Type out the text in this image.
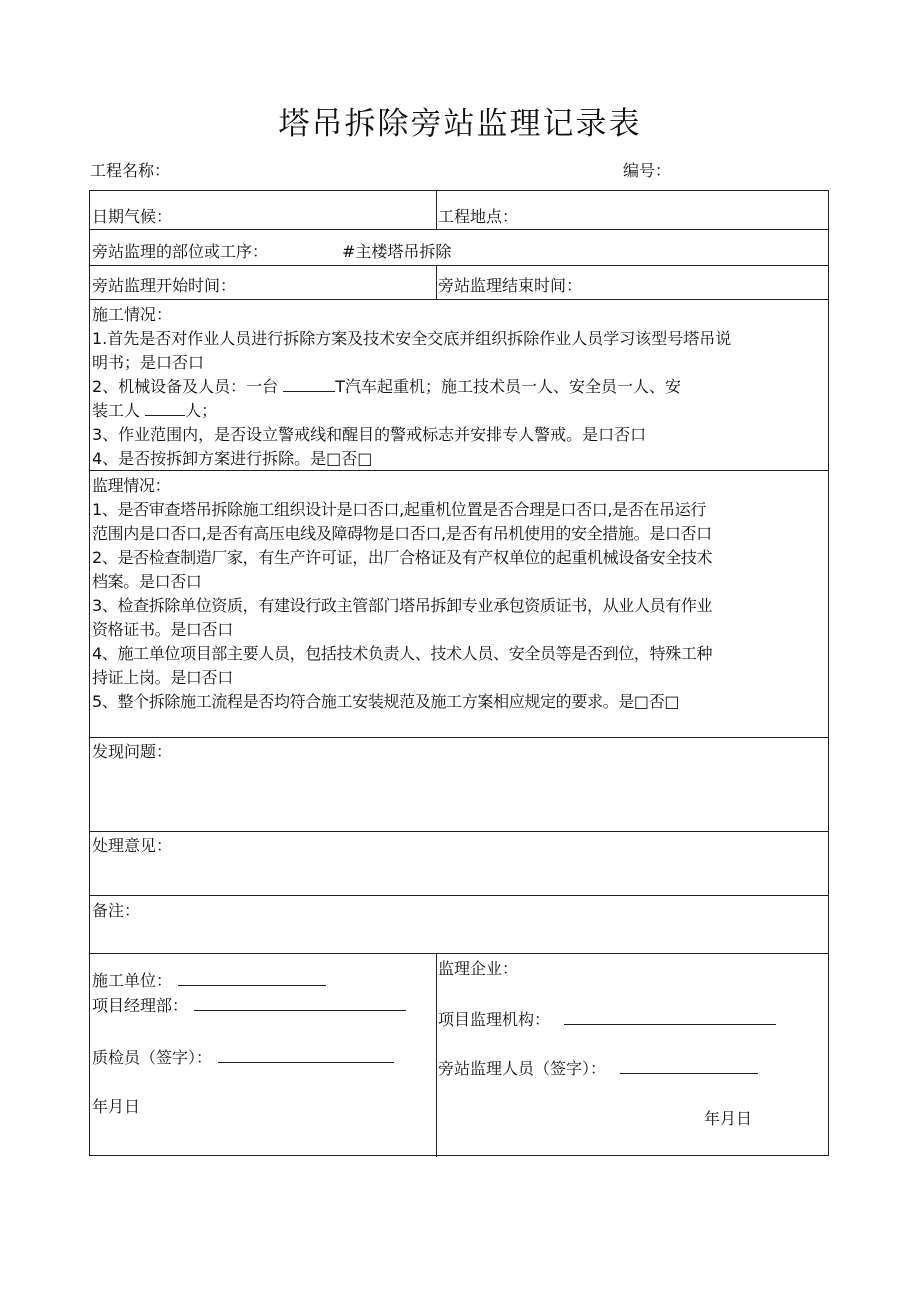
塔吊拆除旁站监理记录表
工程名称：	编号：
日期气候：	工程地点：
旁站监理的部位或工序：	#主楼塔吊拆除
旁站监理开始时间：	旁站监理结束时间：
施工情况：
1.首先是否对作业人员进行拆除方案及技术安全交底并组织拆除作业人员学习该型号塔吊说
明书；是口否口
2、机械设备及人员：一台	T汽车起重机；施工技术员一人、安全员一人、安
装工人	人；
3、作业范围内，是否设立警戒线和醒目的警戒标志并安排专人警戒。是口否口
4、是否按拆卸方案进行拆除。是□否□
监理情况：
1、是否审查塔吊拆除施工组织设计是口否口,起重机位置是否合理是口否口,是否在吊运行
范围内是口否口,是否有高压电线及障碍物是口否口,是否有吊机使用的安全措施。是口否口
2、是否检查制造厂家，有生产许可证，出厂合格证及有产权单位的起重机械设备安全技术
档案。是口否口
3、检查拆除单位资质，有建设行政主管部门塔吊拆卸专业承包资质证书，从业人员有作业
资格证书。是口否口
4、施工单位项目部主要人员，包括技术负责人、技术人员、安全员等是否到位，特殊工种
持证上岗。是口否口
5、整个拆除施工流程是否均符合施工安装规范及施工方案相应规定的要求。是□否□
发现问题：
处理意见：
备注：
施工单位：
项目经理部：
质检员（签字）：
年月日
监理企业：
项目监理机构：
旁站监理人员（签字）：
年月日
